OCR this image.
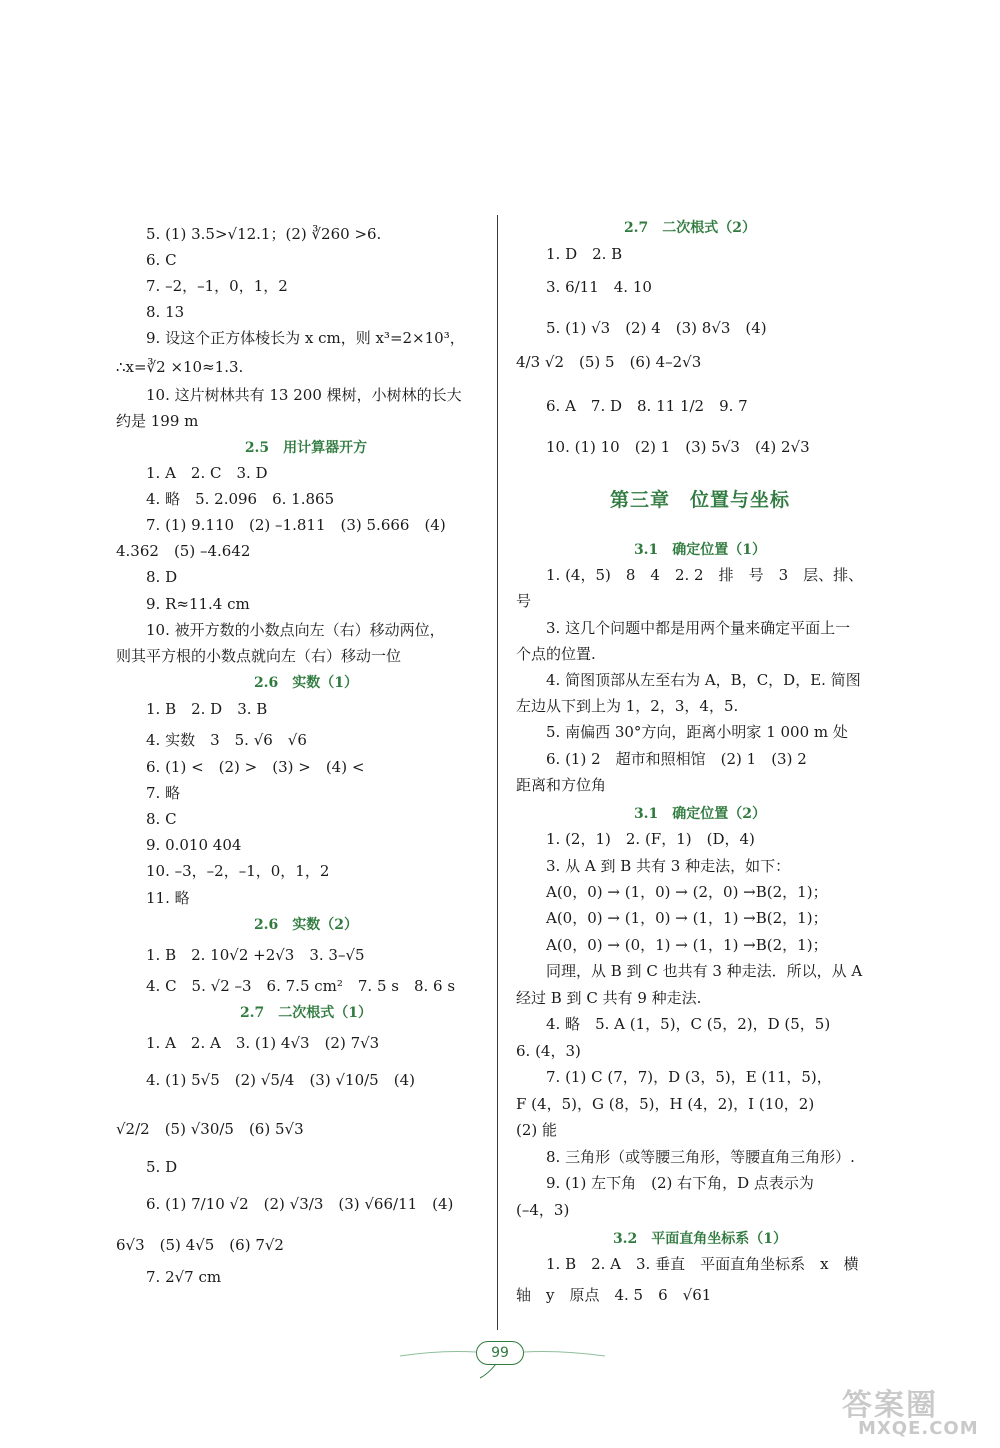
5. (1) 3.5>√12.1；(2) ∛260 >6.
6. C
7. –2，–1，0，1，2
8. 13
9. 设这个正方体棱长为 x cm，则 x³=2×10³，
∴x=∛2 ×10≈1.3.
10. 这片树林共有 13 200 棵树，小树林的长大
约是 199 m
2.5　用计算器开方
1. A　2. C　3. D
4. 略　5. 2.096　6. 1.865
7. (1) 9.110　(2) –1.811　(3) 5.666　(4)
4.362　(5) –4.642
8. D
9. R≈11.4 cm
10. 被开方数的小数点向左（右）移动两位，
则其平方根的小数点就向左（右）移动一位
2.6　实数（1）
1. B　2. D　3. B
4. 实数　3　5. √6　√6
6. (1) <　(2) >　(3) >　(4) <
7. 略
8. C
9. 0.010 404
10. –3，–2，–1，0，1，2
11. 略
2.6　实数（2）
1. B　2. 10√2 +2√3　3. 3–√5
4. C　5. √2 –3　6. 7.5 cm²　7. 5 s　8. 6 s
2.7　二次根式（1）
1. A　2. A　3. (1) 4√3　(2) 7√3
4. (1) 5√5　(2) √5/4　(3) √10/5　(4)
√2/2　(5) √30/5　(6) 5√3
5. D
6. (1) 7/10 √2　(2) √3/3　(3) √66/11　(4)
6√3　(5) 4√5　(6) 7√2
7. 2√7 cm
2.7　二次根式（2）
1. D　2. B
3. 6/11　4. 10
5. (1) √3　(2) 4　(3) 8√3　(4)
4/3 √2　(5) 5　(6) 4–2√3
6. A　7. D　8. 11 1/2　9. 7
10. (1) 10　(2) 1　(3) 5√3　(4) 2√3
第三章　位置与坐标
3.1　确定位置（1）
1. (4，5)　8　4　2. 2　排　号　3　层、排、
号
3. 这几个问题中都是用两个量来确定平面上一
个点的位置.
4. 简图顶部从左至右为 A，B，C，D，E. 简图
左边从下到上为 1，2，3，4，5.
5. 南偏西 30°方向，距离小明家 1 000 m 处
6. (1) 2　超市和照相馆　(2) 1　(3) 2
距离和方位角
3.1　确定位置（2）
1. (2，1)　2. (F，1)　(D，4)
3. 从 A 到 B 共有 3 种走法，如下：
A(0，0) → (1，0) → (2，0) →B(2，1)；
A(0，0) → (1，0) → (1，1) →B(2，1)；
A(0，0) → (0，1) → (1，1) →B(2，1)；
同理，从 B 到 C 也共有 3 种走法．所以，从 A
经过 B 到 C 共有 9 种走法.
4. 略　5. A (1，5)，C (5，2)，D (5，5)
6. (4，3)
7. (1) C (7，7)，D (3，5)，E (11，5)，
F (4，5)，G (8，5)，H (4，2)，I (10，2)
(2) 能
8. 三角形（或等腰三角形，等腰直角三角形）.
9. (1) 左下角　(2) 右下角，D 点表示为
(–4，3)
3.2　平面直角坐标系（1）
1. B　2. A　3. 垂直　平面直角坐标系　x　横
轴　y　原点　4. 5　6　√61
99
答案圈
MXQE.COM
